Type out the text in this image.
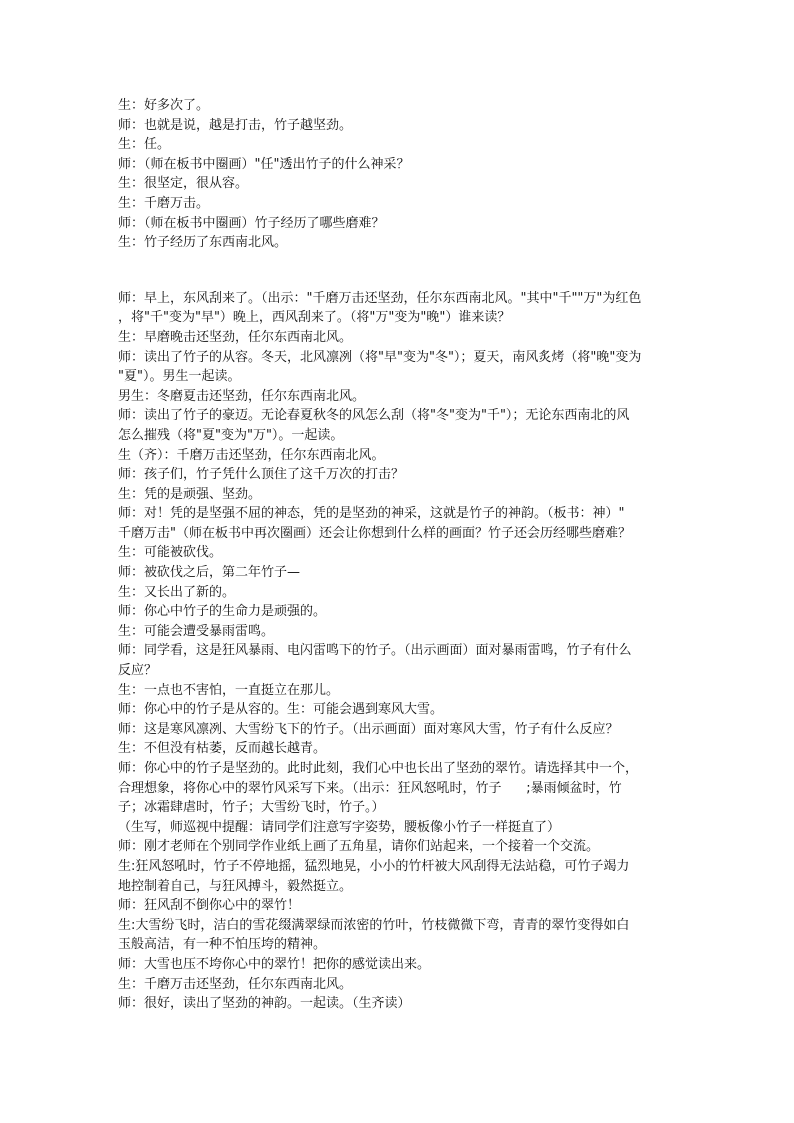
生：好多次了。
师：也就是说，越是打击，竹子越坚劲。
生：任。
师：（师在板书中圈画）"任"透出竹子的什么神采？
生：很坚定，很从容。
生：千磨万击。
师：（师在板书中圈画）竹子经历了哪些磨难？
生：竹子经历了东西南北风。
师：早上，东风刮来了。（出示："千磨万击还坚劲，任尔东西南北风。"其中"千""万"为红色
，将"千"变为"早"）晚上，西风刮来了。（将"万"变为"晚"）谁来读？
生：早磨晚击还坚劲，任尔东西南北风。
师：读出了竹子的从容。冬天，北风凛冽（将"早"变为"冬"）；夏天，南风炙烤（将"晚"变为
"夏"）。男生一起读。
男生：冬磨夏击还坚劲，任尔东西南北风。
师：读出了竹子的豪迈。无论春夏秋冬的风怎么刮（将"冬"变为"千"）；无论东西南北的风
怎么摧残（将"夏"变为"万"）。一起读。
生（齐）：千磨万击还坚劲，任尔东西南北风。
师：孩子们，竹子凭什么顶住了这千万次的打击？
生：凭的是顽强、坚劲。
师：对！凭的是坚强不屈的神态，凭的是坚劲的神采，这就是竹子的神韵。（板书：神）"
千磨万击"（师在板书中再次圈画）还会让你想到什么样的画面？竹子还会历经哪些磨难？
生：可能被砍伐。
师：被砍伐之后，第二年竹子—
生：又长出了新的。
师：你心中竹子的生命力是顽强的。
生：可能会遭受暴雨雷鸣。
师：同学看，这是狂风暴雨、电闪雷鸣下的竹子。（出示画面）面对暴雨雷鸣，竹子有什么
反应？
生：一点也不害怕，一直挺立在那儿。
师：你心中的竹子是从容的。生：可能会遇到寒风大雪。
师：这是寒风凛冽、大雪纷飞下的竹子。（出示画面）面对寒风大雪，竹子有什么反应？
生：不但没有枯萎，反而越长越青。
师：你心中的竹子是坚劲的。此时此刻，我们心中也长出了坚劲的翠竹。请选择其中一个，
合理想象，将你心中的翠竹风采写下来。（出示：狂风怒吼时，竹子      ;暴雨倾盆时，竹
子；冰霜肆虐时，竹子；大雪纷飞时，竹子。）
（生写，师巡视中提醒：请同学们注意写字姿势，腰板像小竹子一样挺直了）
师：刚才老师在个别同学作业纸上画了五角星，请你们站起来，一个接着一个交流。
生:狂风怒吼时，竹子不停地摇，猛烈地晃，小小的竹杆被大风刮得无法站稳，可竹子竭力
地控制着自己，与狂风搏斗，毅然挺立。
师：狂风刮不倒你心中的翠竹！
生:大雪纷飞时，洁白的雪花缀满翠绿而浓密的竹叶，竹枝微微下弯，青青的翠竹变得如白
玉般高洁，有一种不怕压垮的精神。
师：大雪也压不垮你心中的翠竹！把你的感觉读出来。
生：千磨万击还坚劲，任尔东西南北风。
师：很好，读出了坚劲的神韵。一起读。（生齐读）
